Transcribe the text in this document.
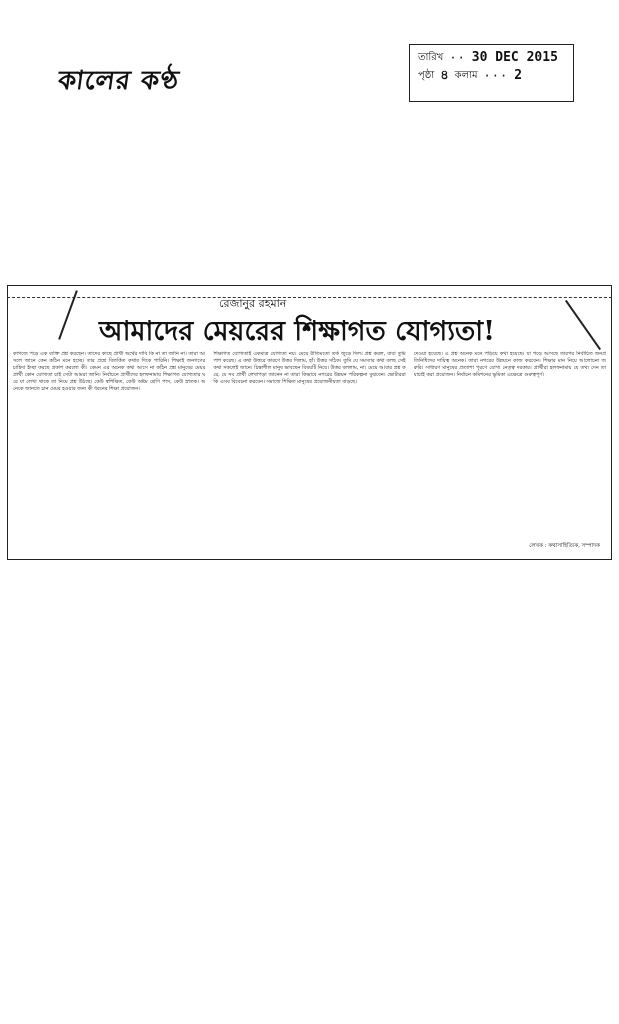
কালের কণ্ঠ
তারিখ ·· 30 DEC 2015
পৃষ্ঠা ৪ কলাম ··· 2
রেজানুর রহমান
আমাদের মেয়রের শিক্ষাগত যোগ্যতা!
কাগজে পড়ে এক ব্যক্তি প্রশ্ন করছেন। তাদের কাছে প্রার্থী অর্থের দাবি কি না তা জানি না। তারা আসলে জানে কেন কঠিন মনে হচ্ছে। তার প্রশ্নে বিতর্কিত কথার দিকে পারিনি। শিক্ষাই জনগণের চাহিদা ইচ্ছা করছে প্রকাশ করলো কী। কেমন এর অনেক কথা আসে না কঠিন প্রশ্ন মানুষের মেয়র প্রার্থী কোন যোগ্যতা চাই সেটা আমরা জানি। নির্বাচনে প্রার্থীদের হলফনামায় শিক্ষাগত যোগ্যতার ঘরে যা লেখা থাকে তা নিয়ে প্রশ্ন উঠছে। কেউ স্বশিক্ষিত, কেউ অষ্টম শ্রেণি পাস, কেউ স্নাতক। অনেকে জানতে চান মেয়র হওয়ার জন্য কী ধরনের শিক্ষা প্রয়োজন।
শিক্ষাগত যোগ্যতাই একমাত্র যোগ্যতা নয়। মেয়ে রীতিমতো তর্ক জুড়ে দিল। প্রশ্ন করল, বাবা তুমি পাশ করেছ। এ কথা উত্তরে কারণে উত্তর দিলাম, হাঁ। উত্তর সঠিক। তুমি যে সমস্যার কথা বলছ সেই কথা সকলেই জানে। চিন্তাশীল মানুষ ভাবছেন বিষয়টি নিয়ে। উত্তর বললাম, না। মেয়ে আবার প্রশ্ন করে, যে সব প্রার্থী লেখাপড়া জানেন না তারা কিভাবে নগরের উন্নয়ন পরিকল্পনা বুঝবেন। ভোটাররা কি এসব বিবেচনা করবেন। সমাজে শিক্ষিত মানুষের প্রয়োজনীয়তা বাড়ছে।
দেওয়া হয়েছে। এ প্রশ্ন অনেক মনে পড়িয়ে কথা হয়েছে। যা পড়ে আসছে তারপর নির্বাচিত জনপ্রতিনিধিদের দায়িত্ব অনেক। তারা নগরের উন্নয়নে কাজ করবেন। শিক্ষার মান নিয়ে আলোচনা জরুরি। সাধারণ মানুষের প্রত্যাশা পূরণে যোগ্য নেতৃত্ব দরকার। প্রার্থীরা হলফনামায় যে তথ্য দেন তা যাচাই করা প্রয়োজন। নির্বাচন কমিশনের ভূমিকা এক্ষেত্রে গুরুত্বপূর্ণ।
লেখক : কথাসাহিত্যিক, সম্পাদক
